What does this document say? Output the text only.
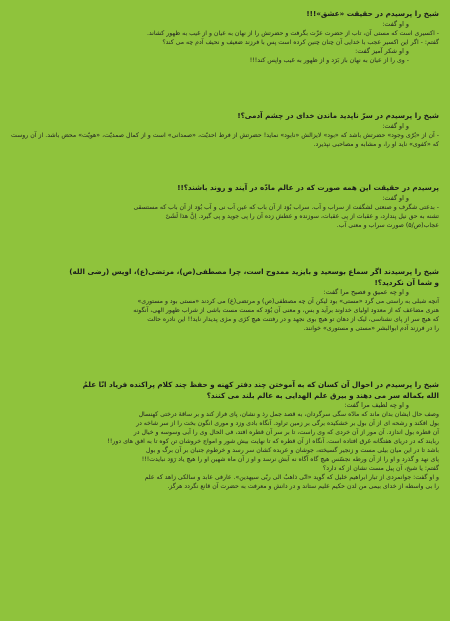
شیخ را پرسیدم در حقیقت «عشق»!!!

و او گفت:

- اکسیری است که مستی آن، تاب از حضرت عزّت بگرفت و حضرتش را از نهان به عیان و از غیب به ظهور کشاند.

گفتم: - اگر این اکسیر عجب با خدایی آن چنان چنین کرده است پس با فرزند ضعیف و نحیف آدم چه می کند؟

و او شکر آمیز گفت:

- وی را از عیان به نهان باز بَرَد و از ظهور به غیب واپس کند!!!

شیخ را پرسیدم در سرّ ناپدید ماندن خدای در چشم آدمی؟!

و او گفت:

- آن از «بُرّی وجود» حضرتش باشد که «بود» لایزالش «نابود» نماید! حضرتش از فرط احدیّت، «صمدانی» است و از کمال صمدیّت، «هویّت» محض باشد. از آن روست که «کفوی» ناید او را، و مشابه و مصاحبی نپذیرد.

پرسیدم در حقیقت این همه صورت که در عالم مادّه در آیند و روند باشند؟!!

و او گفت:

- بدعتی شگرف و صنعتی لشگفت از سراب و آب. سراب بُوَد از آن باب که عین آب نی و آب بُوَد از آن باب که مستسقی

تشنه به حق نیل پندارد، و عقبات از پی عقبات، سوزنده و عطش زده آن را پی جوید و پی گیرد. اِنَّ هذا لَشَیْ

عجاب(ص/۵) صورت سراب و معنی آب.

شیخ را پرسیدند اگر سماع بوسعید و بایزید ممدوح است، چرا مصطفی(ص)، مرتضی(ع)، اویس (رضی الله)

و شما آن نکردید؟!

و او چه عمیق و فصیح مرا گفت:

آنچه شبلی به راستی می گرد «مستی» بود لیکن آن چه مصطفی(ص) و مرتضی(ع) می کردند «مستی بود و مستوری»

هنری مضاعف که از معدود اولیای خداوند برآید و بس، و معنی آن بُوَد که مست مست باشی از شراب ظهور الهی، آنگونه

که هیچ سر از پای نشناسی، لیک از دهان تو هیچ بوی نجهد و در رفتنت هیچ کژی و مژی پدیدار ناید!! این نادره حالت

را در فرزند آدم ابوالبشر «مستی و مستوری» خوانند.

شیخ را پرسیدم در احوال آن کسان که به آموختن چند دفتر کهنه و حفظ چند کلام پراکنده فریاد انّا علمُ

الله بکماله سر می دهند و بیرق علم الهدایی به عالم بلند می کنند؟

و او چه لطیف مرا گفت:

وصف حال ایشان بدان ماند که مادّه سگی سرگردان، به قصد جمل رذ و نشان، پای فراز کند و بر ساقهٔ درختی کهنسال

بول افکند و رشحه ای از آن بول بر خشکیده برگی بر زمین تراود. آنگاه بادی وزد و موری انگون بخت را از سر شاخه در

آن قطره بول اندازد. آن مور از آن خردی که وی راست، تا بر سر آن قطره افتد، فی الحال وی را آبی وسوسه و خیال در

ربایند که در دریای هفتگانه غرق افتاده است. آنگاه از آن قطره که تا نهایت بیش شور و امواج خروشان تن کوه تا به افق های دور!!

باشد تا در این میان بیلی مست و زنجیر گسیخته، جوشان و عربده کشان سر رسد و خرطوم جنبان بر آن برگ و بول

پای نهد و گذرد و او را از آن ورطه نجسّس هیچ گاه آگاه نه آبش نرسد و او ز آن ماه شهین او را هیچ یاد رَوَد نبایدت!!!

گفتم: یا شیخ، آن پیل مست نشان از که دارد؟

و او گفت: جوانمردی از تبار ابراهیم خلیل که گوید «انّی ذاهبٌ الی ربّی سیهدین». عارفی عابد و سالکی زاهد که علم

را بی واسطه از خدای بیمی من لدن حکیم علیم ستاند و در دانش و معرفت به حضرت آن قانع نگردد هرگز.
